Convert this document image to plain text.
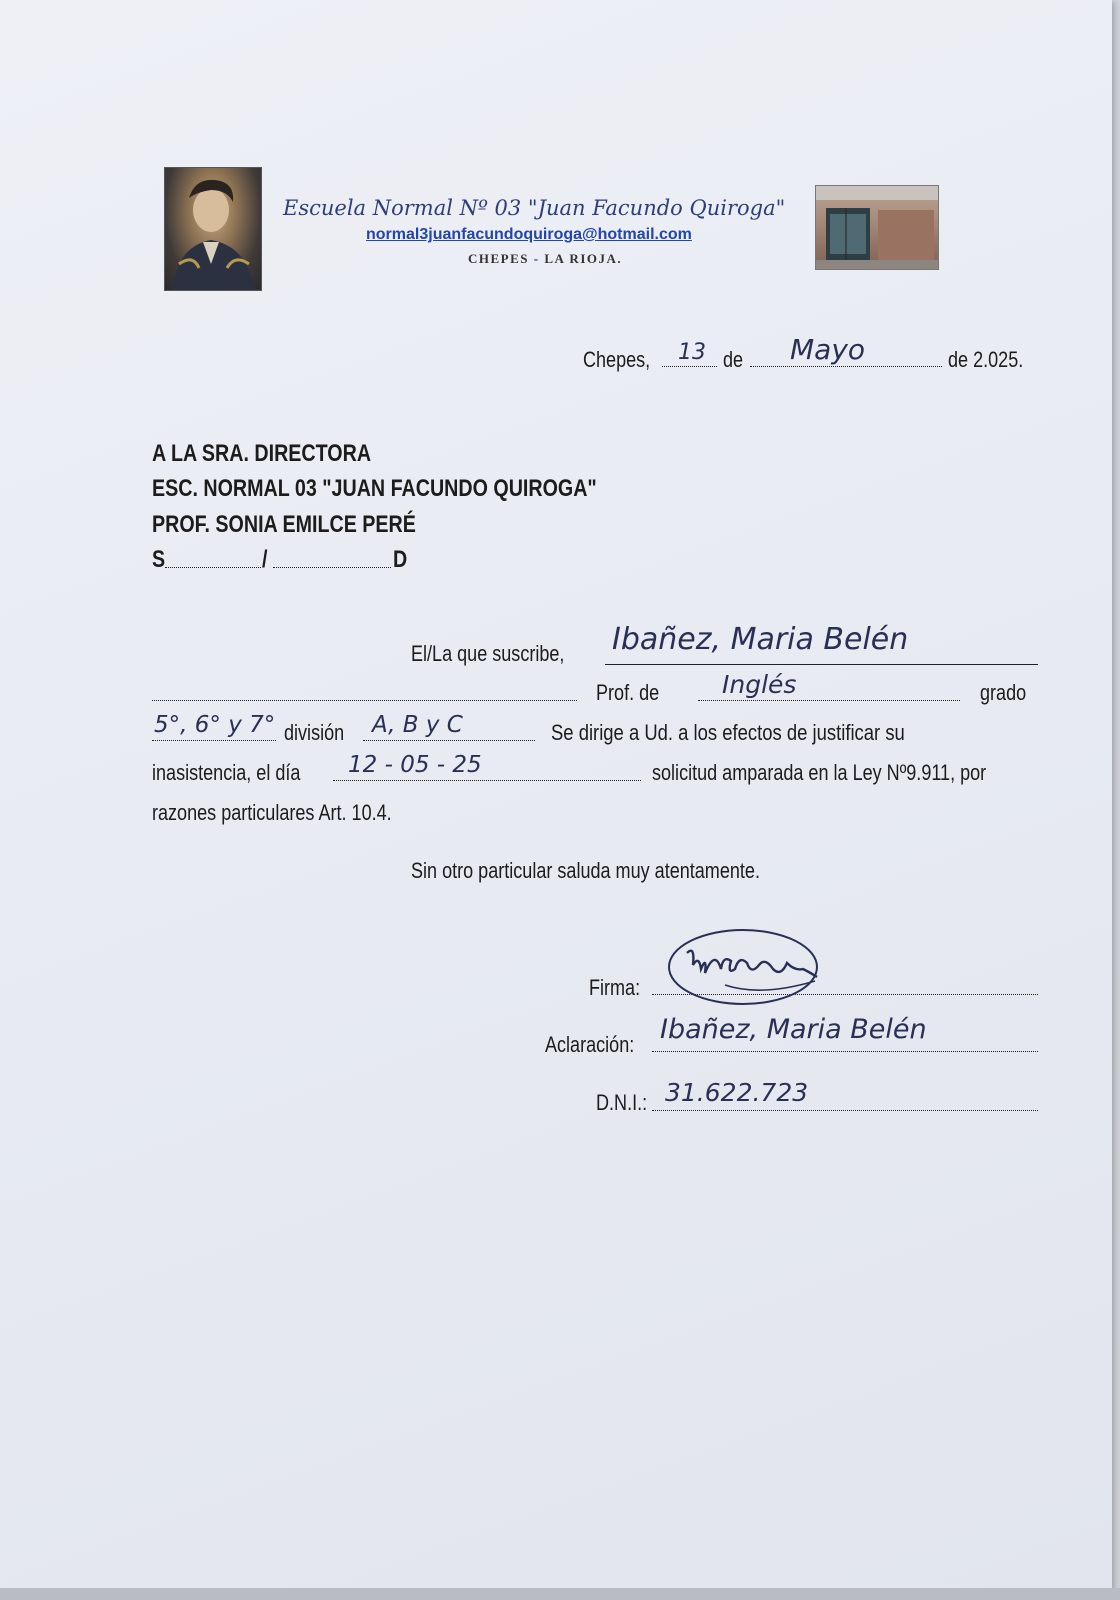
Escuela Normal Nº 03 "Juan Facundo Quiroga"
normal3juanfacundoquiroga@hotmail.com
CHEPES - LA RIOJA.
Chepes, 13 de Mayo	de 2.025.
A LA SRA. DIRECTORA
ESC. NORMAL 03 "JUAN FACUNDO QUIROGA"
PROF. SONIA EMILCE PERÉ
S	/	D
El/La que suscribe, Ibañez, Maria Belén
Prof. de	Inglés	grado
5°, 6° y 7° división A, B y C	Se dirige a Ud. a los efectos de justificar su
inasistencia, el día 12 - 05 - 25	solicitud amparada en la Ley Nº9.911, por
razones particulares Art. 10.4.
Sin otro particular saluda muy atentamente.
Firma:
Aclaración: Ibañez, Maria Belén
D.N.I.: 31.622.723
